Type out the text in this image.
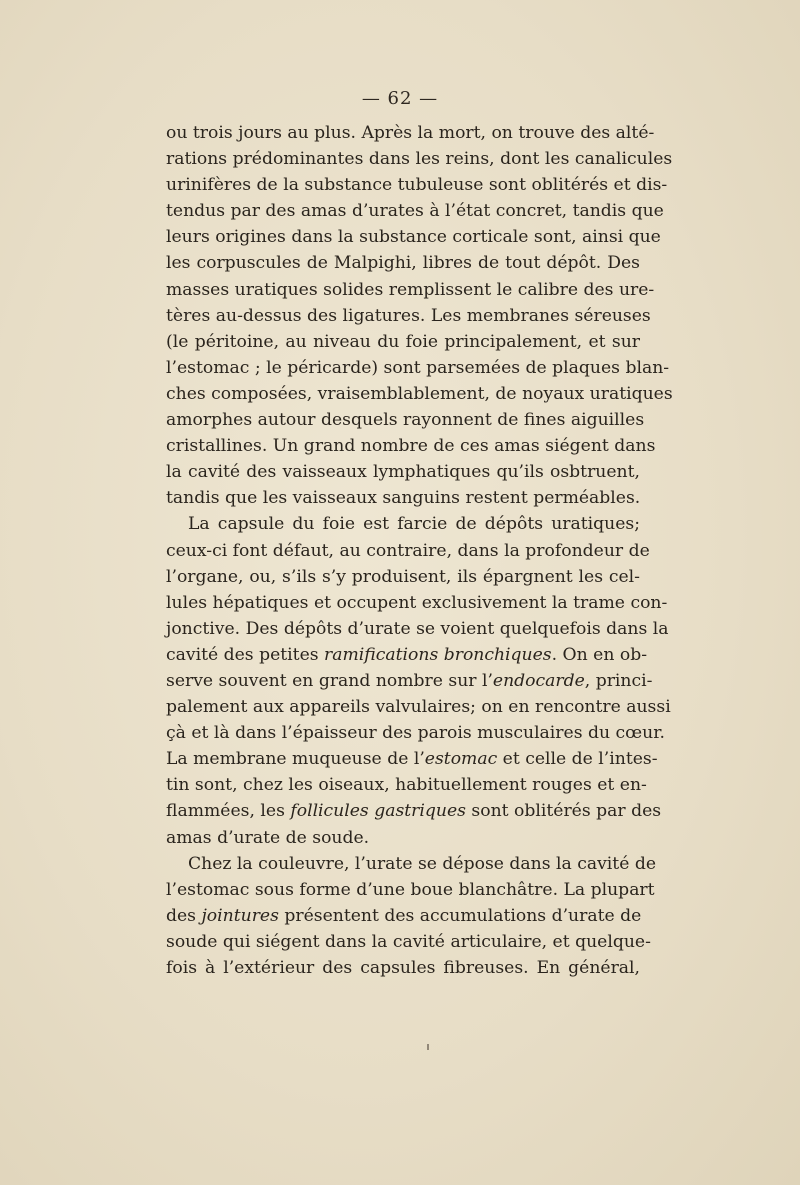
— 62 —
ou trois jours au plus. Après la mort, on trouve des alté-
rations prédominantes dans les reins, dont les canalicules
urinifères de la substance tubuleuse sont oblitérés et dis-
tendus par des amas d’urates à l’état concret, tandis que
leurs origines dans la substance corticale sont, ainsi que
les corpuscules de Malpighi, libres de tout dépôt. Des
masses uratiques solides remplissent le calibre des ure-
tères au-dessus des ligatures. Les membranes séreuses
(le péritoine, au niveau du foie principalement, et sur
l’estomac ; le péricarde) sont parsemées de plaques blan-
ches composées, vraisemblablement, de noyaux uratiques
amorphes autour desquels rayonnent de fines aiguilles
cristallines. Un grand nombre de ces amas siégent dans
la cavité des vaisseaux lymphatiques qu’ils osbtruent,
tandis que les vaisseaux sanguins restent perméables.
La capsule du foie est farcie de dépôts uratiques;
ceux-ci font défaut, au contraire, dans la profondeur de
l’organe, ou, s’ils s’y produisent, ils épargnent les cel-
lules hépatiques et occupent exclusivement la trame con-
jonctive. Des dépôts d’urate se voient quelquefois dans la
cavité des petites ramifications bronchiques. On en ob-
serve souvent en grand nombre sur l’endocarde, princi-
palement aux appareils valvulaires; on en rencontre aussi
çà et là dans l’épaisseur des parois musculaires du cœur.
La membrane muqueuse de l’estomac et celle de l’intes-
tin sont, chez les oiseaux, habituellement rouges et en-
flammées, les follicules gastriques sont oblitérés par des
amas d’urate de soude.
Chez la couleuvre, l’urate se dépose dans la cavité de
l’estomac sous forme d’une boue blanchâtre. La plupart
des jointures présentent des accumulations d’urate de
soude qui siégent dans la cavité articulaire, et quelque-
fois à l’extérieur des capsules fibreuses. En général,
